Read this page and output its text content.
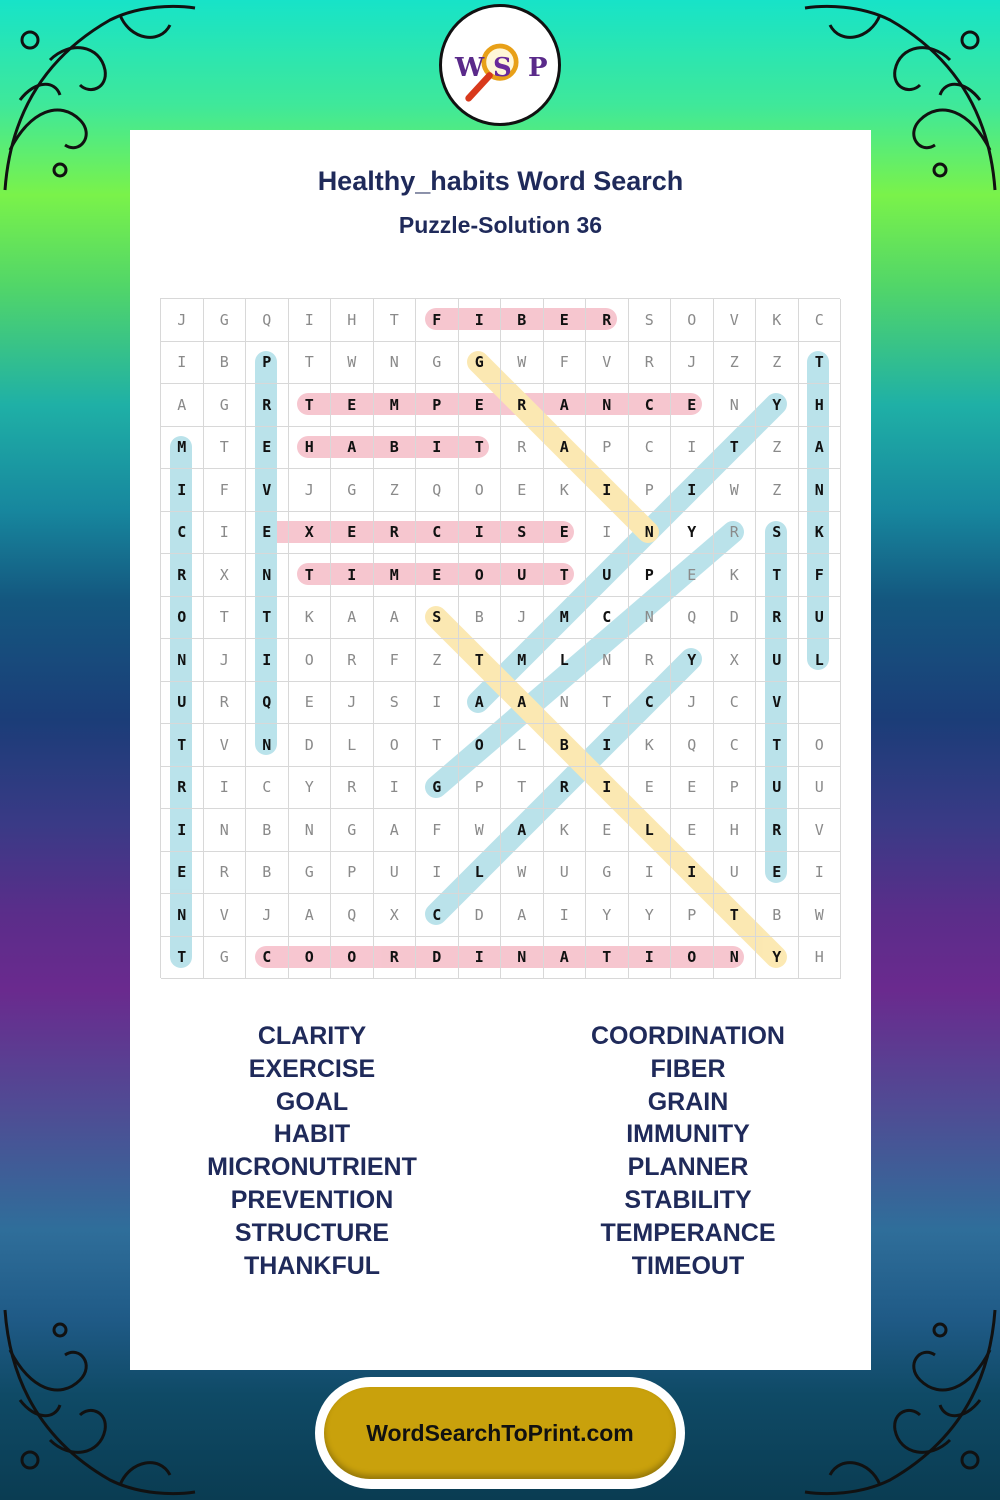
W S P
Healthy_habits Word Search
Puzzle-Solution 36
J	G	Q	I	H	T	F	I	B	E	R	S	O	V	K	C
I	B	P	T	W	N	G	G	W	F	V	R	J	Z	Z	T
A	G	R	T	E	M	P	E	R	A	N	C	E	N	Y	H
M	T	E	H	A	B	I	T	R	A	P	C	I	T	Z	A
I	F	V	J	G	Z	Q	O	E	K	I	P	I	W	Z	N
C	I	E	X	E	R	C	I	S	E	I	N	Y	R	S	K
R	X	N	T	I	M	E	O	U	T	U	P	E	K	T	F
O	T	T	K	A	A	S	B	J	M	C	N	Q	D	R	U
N	J	I	O	R	F	Z	T	M	L	N	R	Y	X	U	L
U	R	Q	E	J	S	I	A	A	N	T	C	J	C	V
T	V	N	D	L	O	T	O	L	B	I	K	Q	C	T	O
R	I	C	Y	R	I	G	P	T	R	I	E	E	P	U	U
I	N	B	N	G	A	F	W	A	K	E	L	E	H	R	V
E	R	B	G	P	U	I	L	W	U	G	I	I	U	E	I
N	V	J	A	Q	X	C	D	A	I	Y	Y	P	T	B	W
T	G	C	O	O	R	D	I	N	A	T	I	O	N	Y	H
CLARITY
EXERCISE
GOAL
HABIT
MICRONUTRIENT
PREVENTION
STRUCTURE
THANKFUL
COORDINATION
FIBER
GRAIN
IMMUNITY
PLANNER
STABILITY
TEMPERANCE
TIMEOUT
WordSearchToPrint.com
